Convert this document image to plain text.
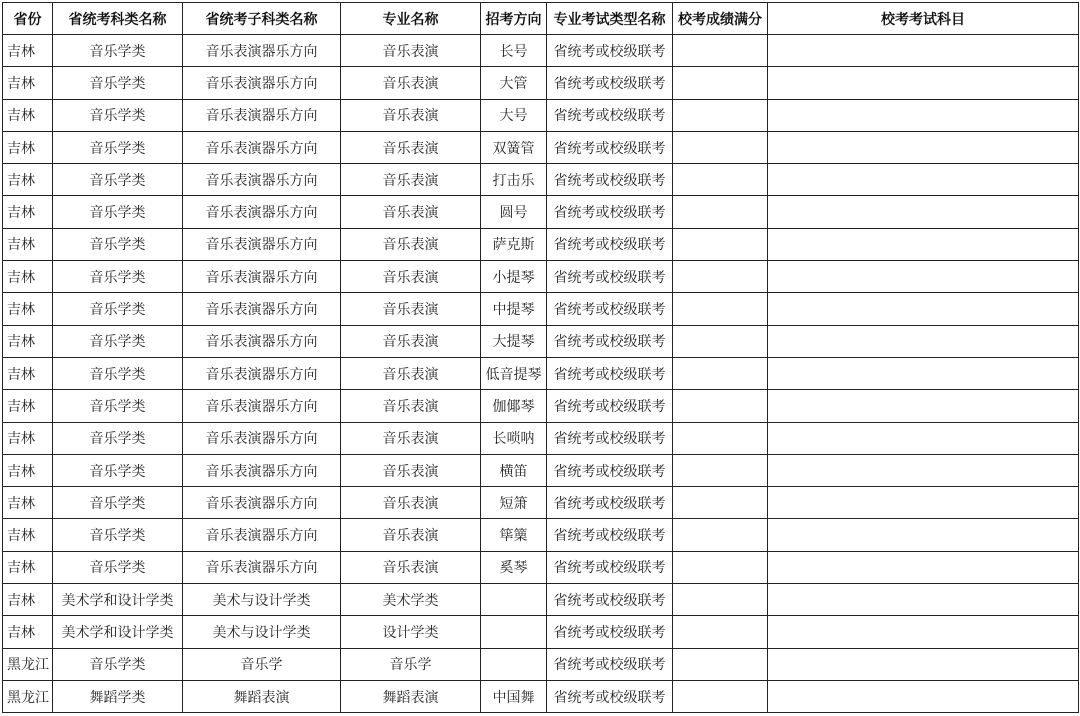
省份	省统考科类名称	省统考子科类名称	专业名称	招考方向	专业考试类型名称	校考成绩满分	校考考试科目
吉林	音乐学类	音乐表演器乐方向	音乐表演	长号	省统考或校级联考		
吉林	音乐学类	音乐表演器乐方向	音乐表演	大管	省统考或校级联考		
吉林	音乐学类	音乐表演器乐方向	音乐表演	大号	省统考或校级联考		
吉林	音乐学类	音乐表演器乐方向	音乐表演	双簧管	省统考或校级联考		
吉林	音乐学类	音乐表演器乐方向	音乐表演	打击乐	省统考或校级联考		
吉林	音乐学类	音乐表演器乐方向	音乐表演	圆号	省统考或校级联考		
吉林	音乐学类	音乐表演器乐方向	音乐表演	萨克斯	省统考或校级联考		
吉林	音乐学类	音乐表演器乐方向	音乐表演	小提琴	省统考或校级联考		
吉林	音乐学类	音乐表演器乐方向	音乐表演	中提琴	省统考或校级联考		
吉林	音乐学类	音乐表演器乐方向	音乐表演	大提琴	省统考或校级联考		
吉林	音乐学类	音乐表演器乐方向	音乐表演	低音提琴	省统考或校级联考		
吉林	音乐学类	音乐表演器乐方向	音乐表演	伽倻琴	省统考或校级联考		
吉林	音乐学类	音乐表演器乐方向	音乐表演	长唢呐	省统考或校级联考		
吉林	音乐学类	音乐表演器乐方向	音乐表演	横笛	省统考或校级联考		
吉林	音乐学类	音乐表演器乐方向	音乐表演	短箫	省统考或校级联考		
吉林	音乐学类	音乐表演器乐方向	音乐表演	筚篥	省统考或校级联考		
吉林	音乐学类	音乐表演器乐方向	音乐表演	奚琴	省统考或校级联考		
吉林	美术学和设计学类	美术与设计学类	美术学类		省统考或校级联考		
吉林	美术学和设计学类	美术与设计学类	设计学类		省统考或校级联考		
黑龙江	音乐学类	音乐学	音乐学		省统考或校级联考		
黑龙江	舞蹈学类	舞蹈表演	舞蹈表演	中国舞	省统考或校级联考		
